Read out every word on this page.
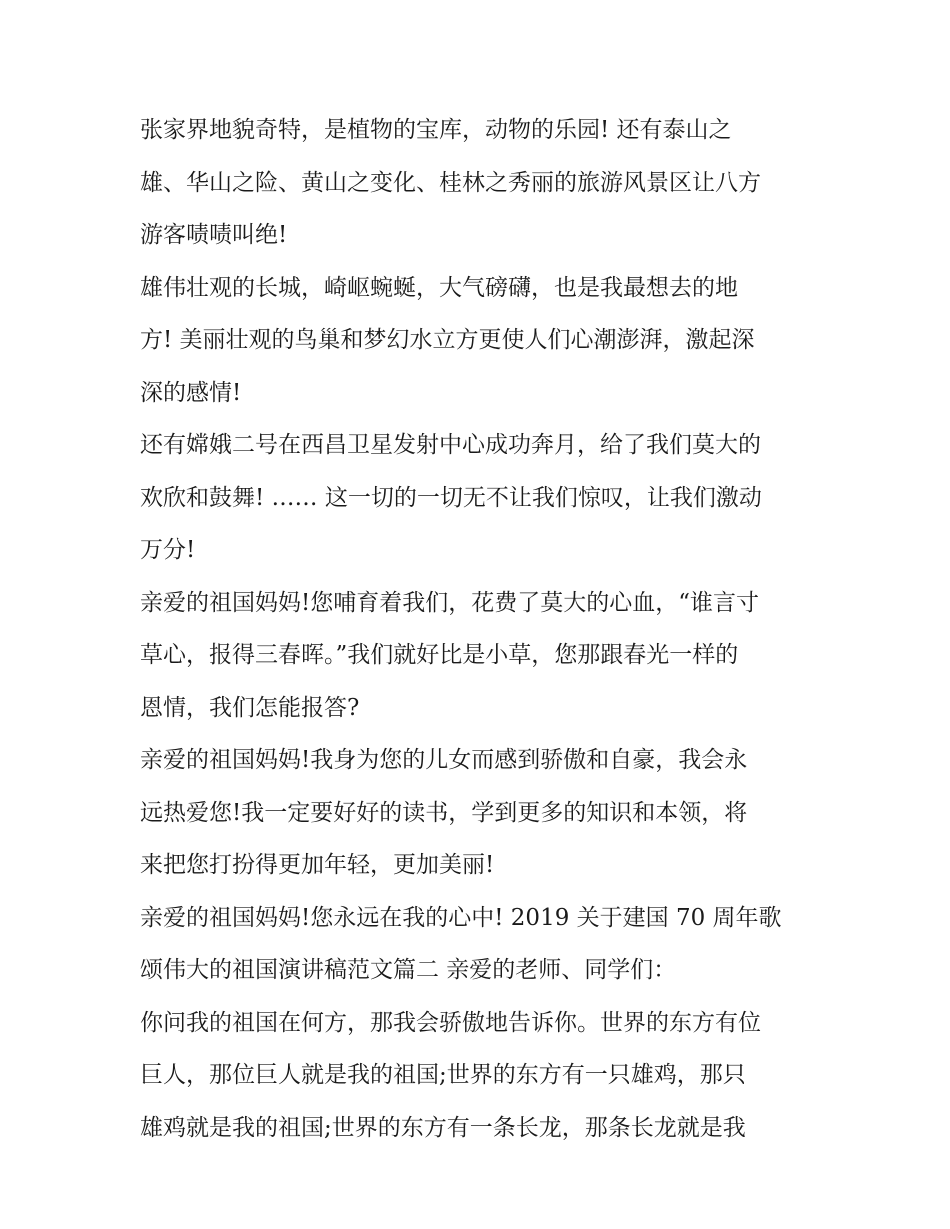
张家界地貌奇特，是植物的宝库，动物的乐园! 还有泰山之
雄、华山之险、黄山之变化、桂林之秀丽的旅游风景区让八方
游客啧啧叫绝!
雄伟壮观的长城，崎岖蜿蜒，大气磅礴，也是我最想去的地
方! 美丽壮观的鸟巢和梦幻水立方更使人们心潮澎湃，激起深
深的感情!
还有嫦娥二号在西昌卫星发射中心成功奔月，给了我们莫大的
欢欣和鼓舞! …… 这一切的一切无不让我们惊叹，让我们激动
万分!
亲爱的祖国妈妈!您哺育着我们，花费了莫大的心血，“谁言寸
草心，报得三春晖。”我们就好比是小草，您那跟春光一样的
恩情，我们怎能报答?
亲爱的祖国妈妈!我身为您的儿女而感到骄傲和自豪，我会永
远热爱您!我一定要好好的读书，学到更多的知识和本领，将
来把您打扮得更加年轻，更加美丽!
亲爱的祖国妈妈!您永远在我的心中! 2019 关于建国 70 周年歌
颂伟大的祖国演讲稿范文篇二 亲爱的老师、同学们：
你问我的祖国在何方，那我会骄傲地告诉你。世界的东方有位
巨人，那位巨人就是我的祖国;世界的东方有一只雄鸡，那只
雄鸡就是我的祖国;世界的东方有一条长龙，那条长龙就是我
